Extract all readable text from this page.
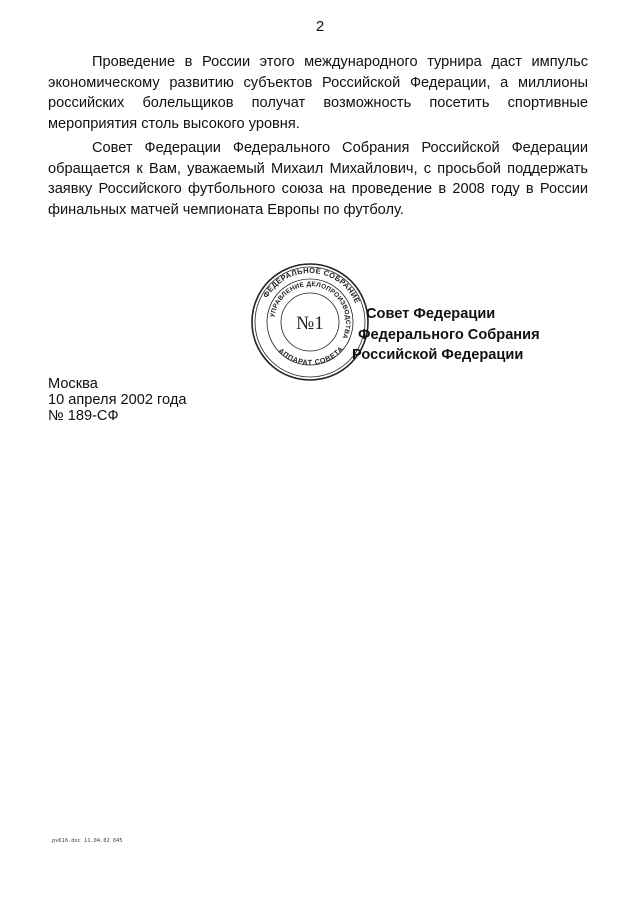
2

Проведение в России этого международного турнира даст импульс экономическому развитию субъектов Российской Федерации, а миллионы российских болельщиков получат возможность посетить спортивные мероприятия столь высокого уровня.

Совет Федерации Федерального Собрания Российской Федерации обращается к Вам, уважаемый Михаил Михайлович, с просьбой поддержать заявку Российского футбольного союза на проведение в 2008 году в России финальных матчей чемпионата Европы по футболу.

ФЕДЕРАЛЬНОЕ СОБРАНИЕ
УПРАВЛЕНИЕ ДЕЛОПРОИЗВОДСТВА
АППАРАТ СОВЕТА
№1	Совет Федерации
Федерального Собрания
Российской Федерации
Москва
10 апреля 2002 года
№ 189-СФ
pv616.doc 11.04.02 045
